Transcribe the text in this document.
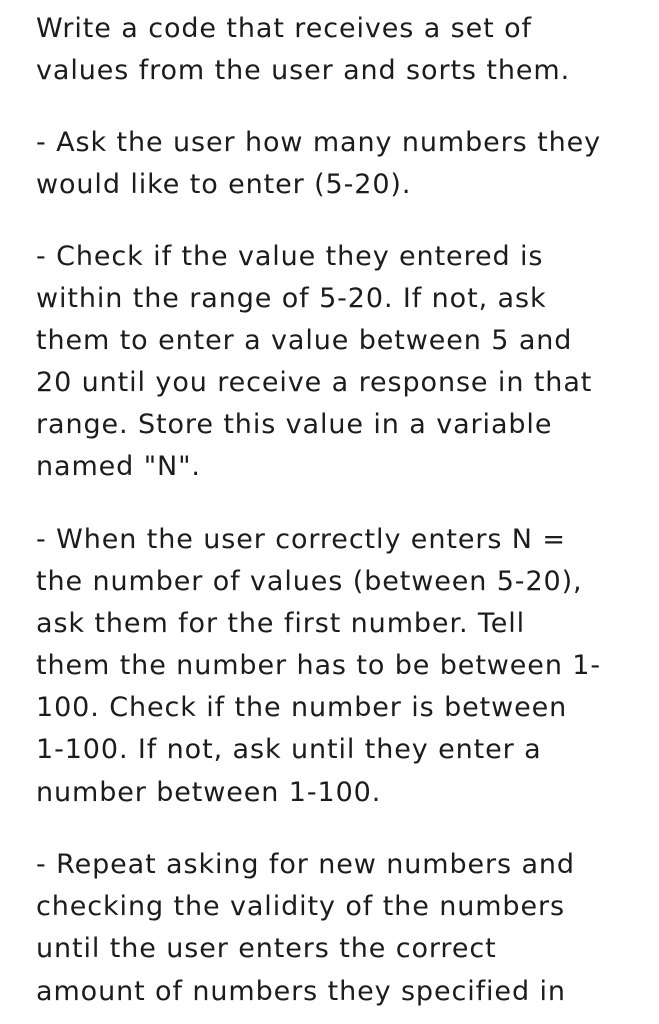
Write a code that receives a set of
values from the user and sorts them.
- Ask the user how many numbers they
would like to enter (5-20).
- Check if the value they entered is
within the range of 5-20. If not, ask
them to enter a value between 5 and
20 until you receive a response in that
range. Store this value in a variable
named "N".
- When the user correctly enters N =
the number of values (between 5-20),
ask them for the first number. Tell
them the number has to be between 1-
100. Check if the number is between
1-100. If not, ask until they enter a
number between 1-100.
- Repeat asking for new numbers and
checking the validity of the numbers
until the user enters the correct
amount of numbers they specified in
